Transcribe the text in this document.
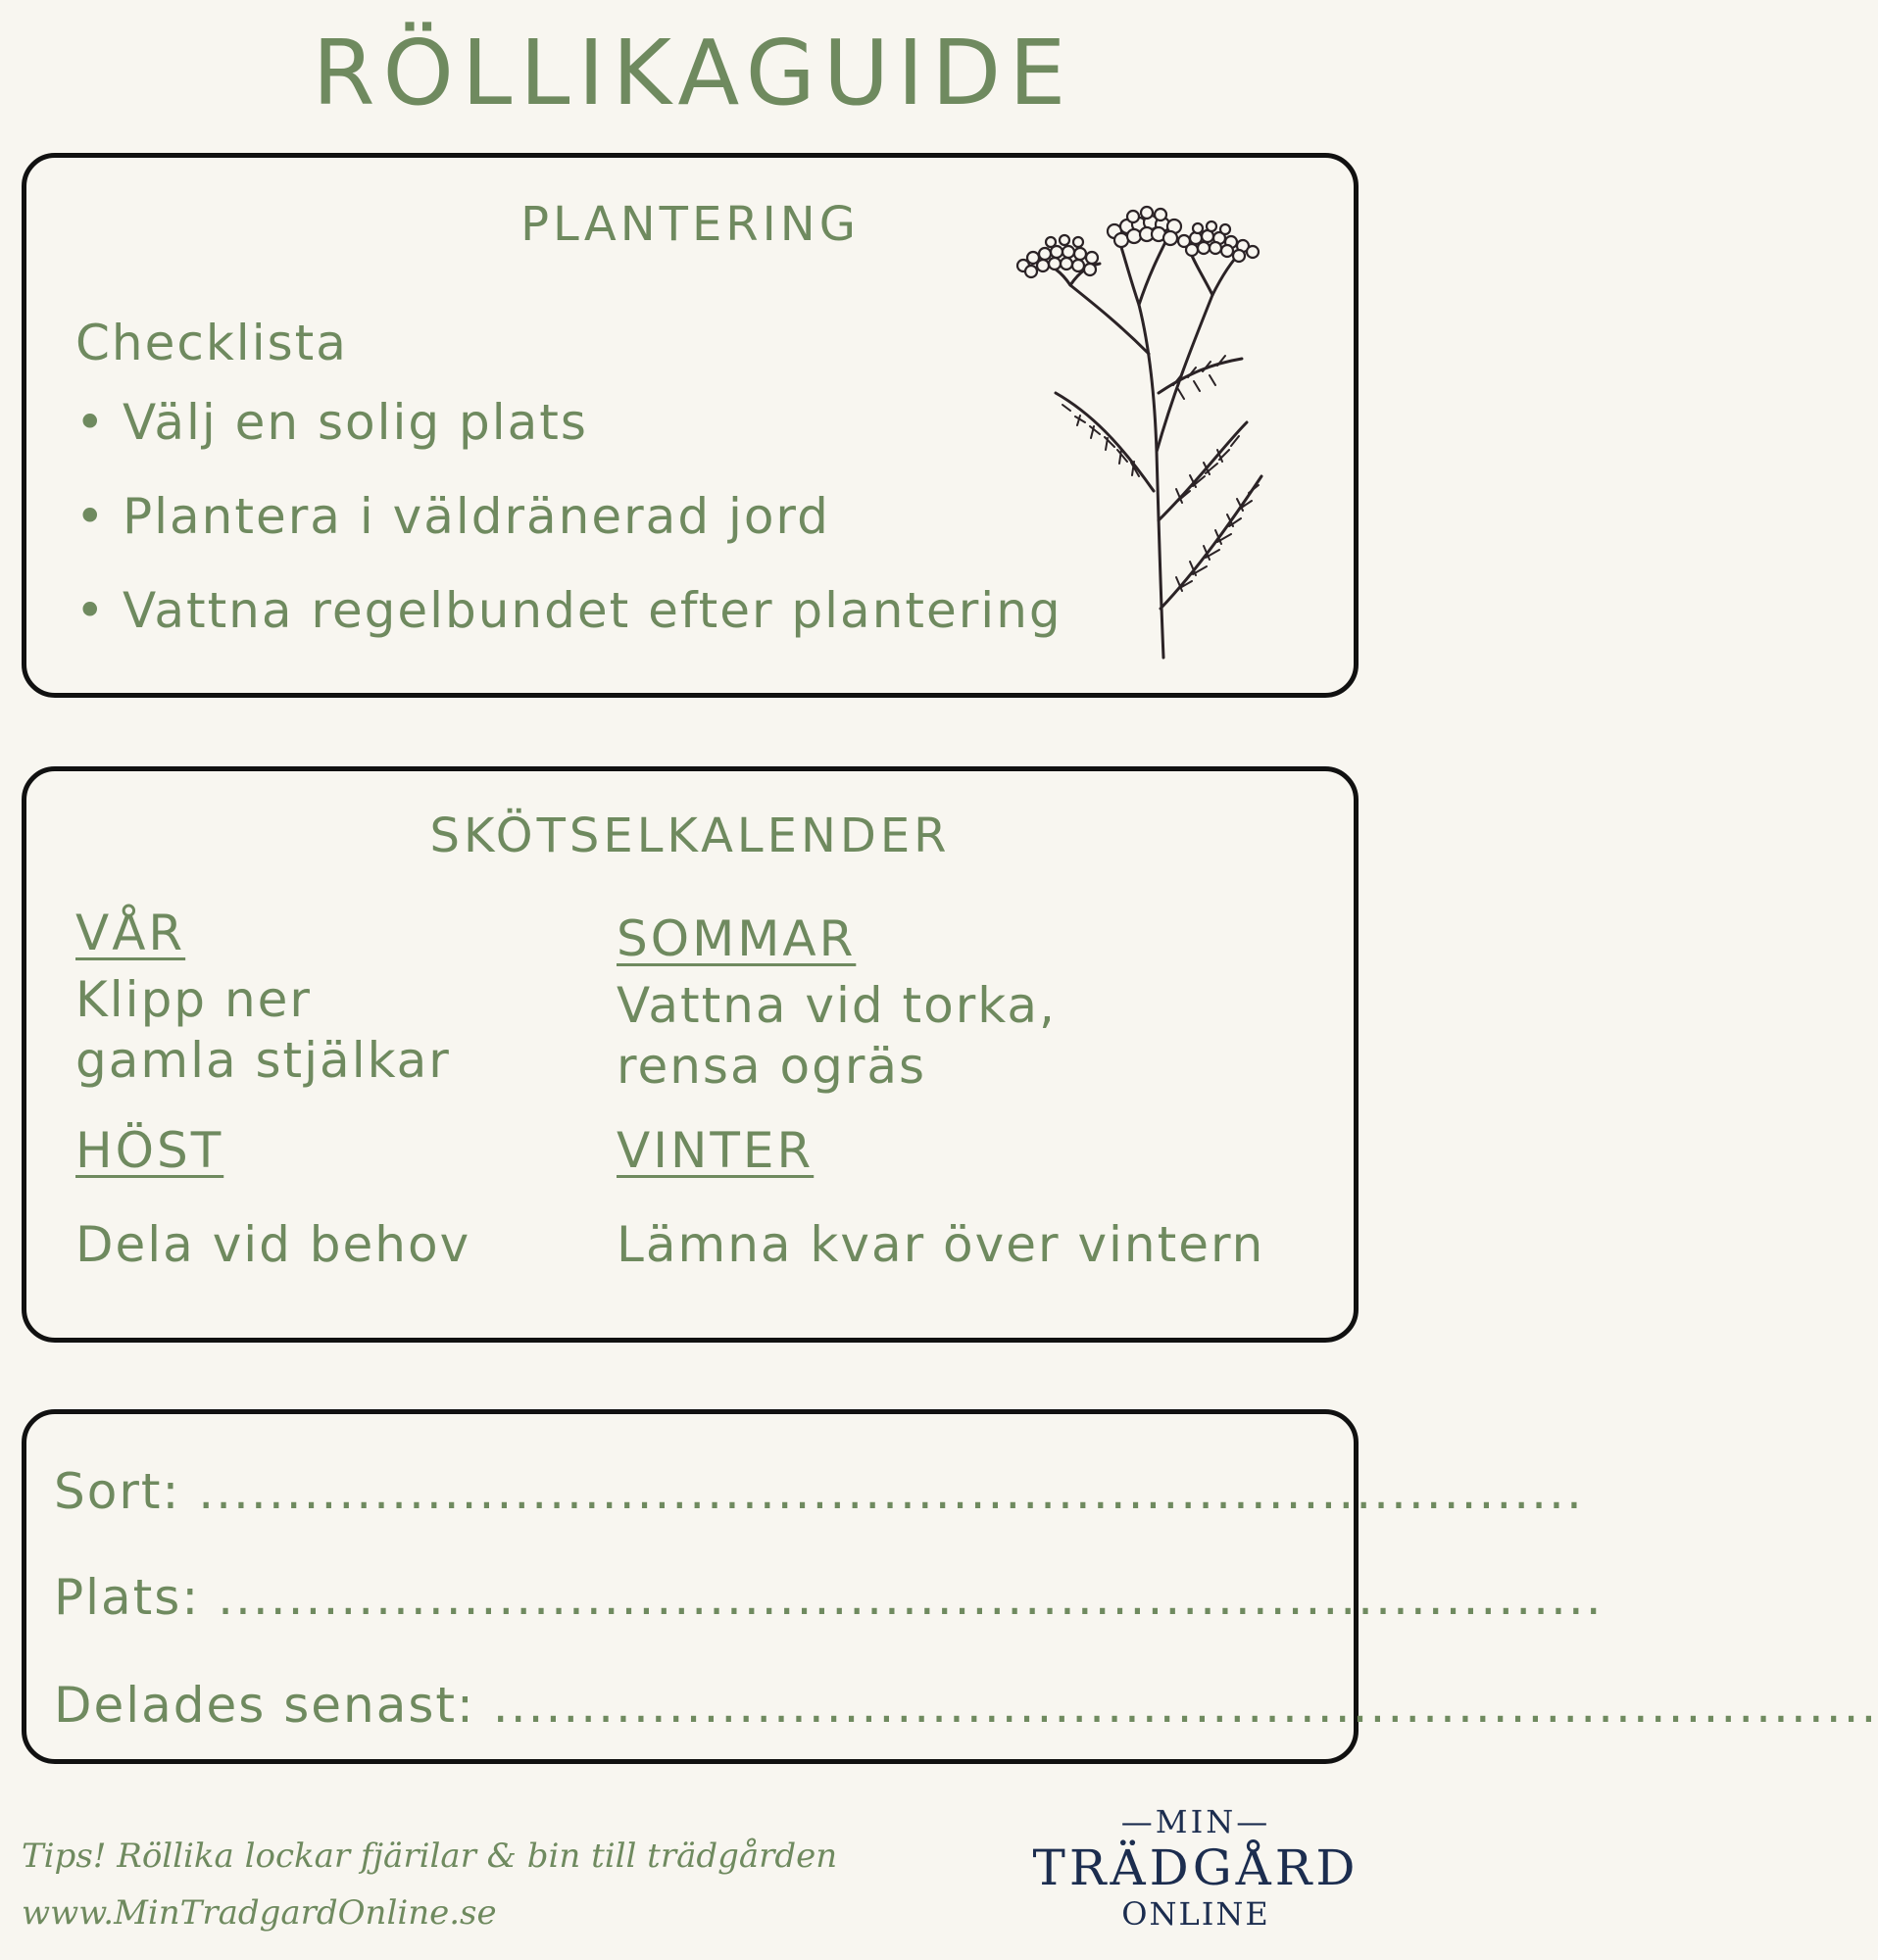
RÖLLIKAGUIDE
PLANTERING
Checklista
• Välj en solig plats
• Plantera i väldränerad jord
• Vattna regelbundet efter plantering
SKÖTSELKALENDER
VÅR
Klipp ner
gamla stjälkar
SOMMAR
Vattna vid torka,
rensa ogräs
HÖST
Dela vid behov
VINTER
Lämna kvar över vintern
Sort: ...............................................................................
Plats: ...............................................................................
Delades senast: ...............................................................................
Tips! Röllika lockar fjärilar & bin till trädgården
www.MinTradgardOnline.se
—MIN—
TRÄDGÅRD
ONLINE
